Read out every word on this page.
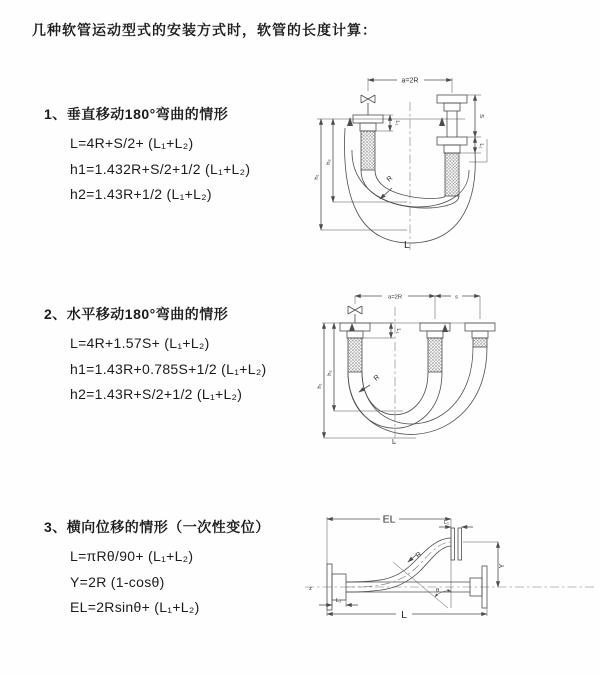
几种软管运动型式的安装方式时，软管的长度计算：
1、垂直移动180°弯曲的情形
L=4R+S/2+ (L₁+L₂)
h1=1.432R+S/2+1/2 (L₁+L₂)
h2=1.43R+1/2 (L₁+L₂)
2、水平移动180°弯曲的情形
L=4R+1.57S+ (L₁+L₂)
h1=1.43R+0.785S+1/2 (L₁+L₂)
h2=1.43R+S/2+1/2 (L₁+L₂)
3、横向位移的情形（一次性变位）
L=πRθ/90+ (L₁+L₂)
Y=2R (1-cosθ)
EL=2Rsinθ+ (L₁+L₂)
a=2R
L₁
S
L₁
h₁
h₂
R
L
a=2R	s
L₁
h₁
h₂
R
L
z
EL	L₁
Y
R
θ
L
L₂
